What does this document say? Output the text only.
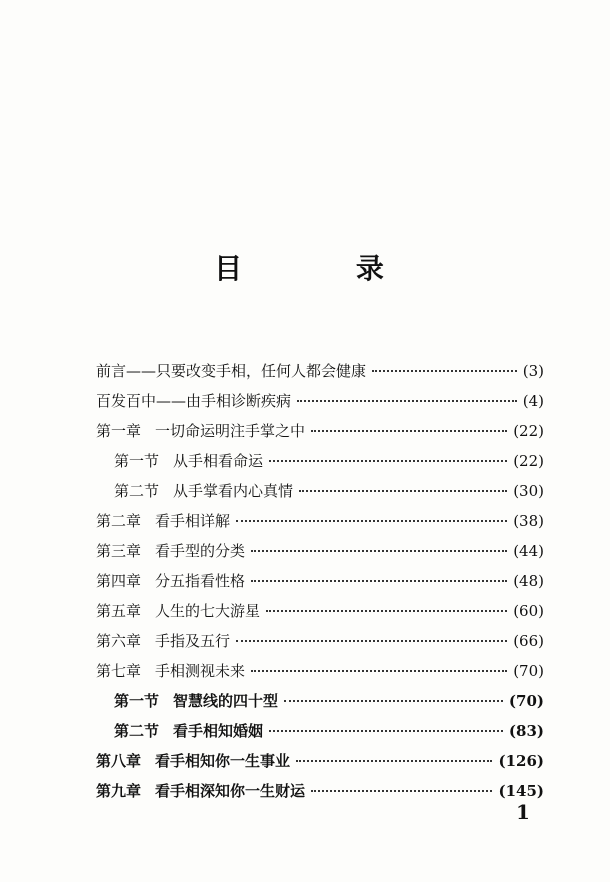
目 录
前言——只要改变手相，任何人都会健康	(3)
百发百中——由手相诊断疾病	(4)
第一章 一切命运明注手掌之中	(22)
第一节 从手相看命运	(22)
第二节 从手掌看内心真情	(30)
第二章 看手相详解	(38)
第三章 看手型的分类	(44)
第四章 分五指看性格	(48)
第五章 人生的七大游星	(60)
第六章 手指及五行	(66)
第七章 手相测视未来	(70)
第一节 智慧线的四十型	(70)
第二节 看手相知婚姻	(83)
第八章 看手相知你一生事业	(126)
第九章 看手相深知你一生财运	(145)
1
